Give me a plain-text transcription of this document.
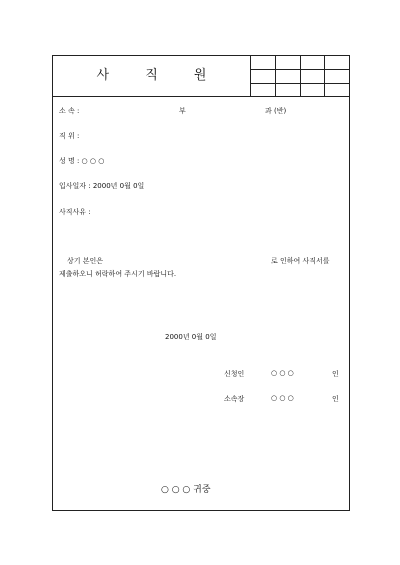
사	직	원
소 속 :	부	과 (반)
직 위 :
성 명 : ○ ○ ○
입사일자 : 2000년 0월 0일
사직사유 :
상기 본인은	로 인하여 사직서를
제출하오니 허락하여 주시기 바랍니다.
2000년 0월 0일
신청인	○ ○ ○	인
소속장	○ ○ ○	인
○ ○ ○ 귀중
